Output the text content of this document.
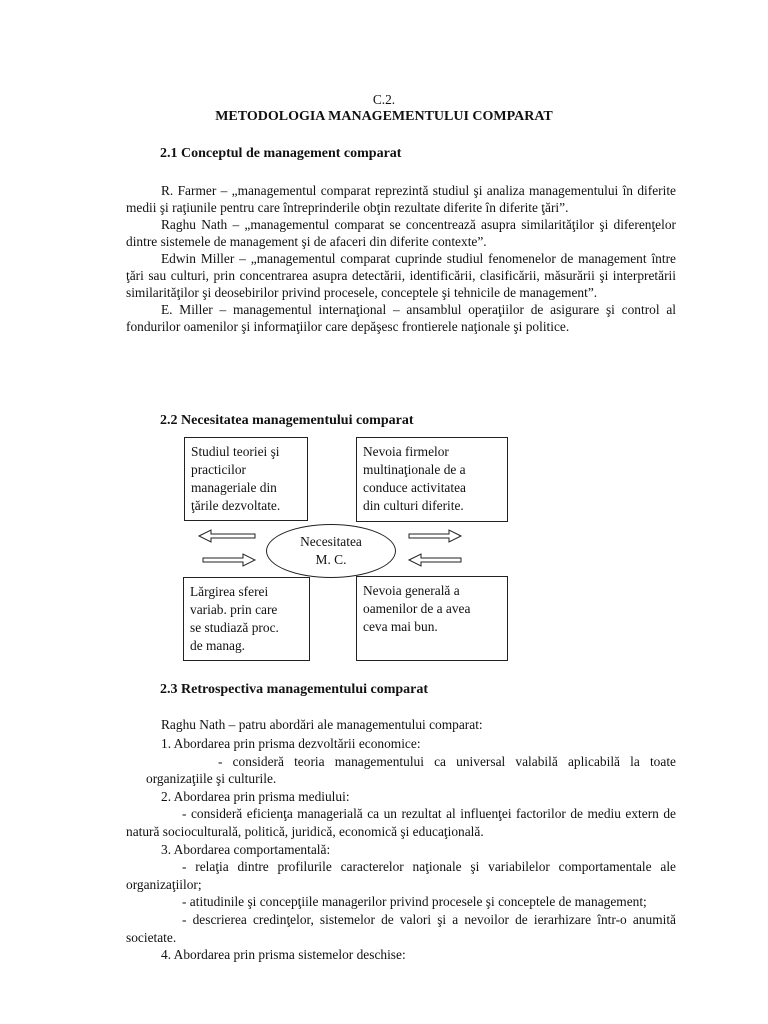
C.2.
METODOLOGIA MANAGEMENTULUI COMPARAT
2.1 Conceptul de management comparat
R. Farmer – „managementul comparat reprezintă studiul şi analiza managementului în diferite medii şi raţiunile pentru care întreprinderile obţin rezultate diferite în diferite ţări”.
Raghu Nath – „managementul comparat se concentrează asupra similarităţilor şi diferenţelor dintre sistemele de management şi de afaceri din diferite contexte”.
Edwin Miller – „managementul comparat cuprinde studiul fenomenelor de management între ţări sau culturi, prin concentrarea asupra detectării, identificării, clasificării, măsurării şi interpretării similarităţilor şi deosebirilor privind procesele, conceptele şi tehnicile de management”.
E. Miller – managementul internaţional – ansamblul operaţiilor de asigurare şi control al fondurilor oamenilor şi informaţiilor care depăşesc frontierele naţionale şi politice.
2.2 Necesitatea managementului comparat
Studiul teoriei şi
practicilor
manageriale din
ţările dezvoltate.
Nevoia firmelor
multinaţionale de a
conduce activitatea
din culturi diferite.
Lărgirea sferei
variab. prin care
se studiază proc.
de manag.
Nevoia generală a
oamenilor de a avea
ceva mai bun.
Necesitatea
M. C.
2.3 Retrospectiva managementului comparat
Raghu Nath – patru abordări ale managementului comparat:
1. Abordarea prin prisma dezvoltării economice:
- consideră teoria managementului ca universal valabilă aplicabilă la toate organizaţiile şi culturile.
2. Abordarea prin prisma mediului:
- consideră eficienţa managerială ca un rezultat al influenţei factorilor de mediu extern de natură socioculturală, politică, juridică, economică şi educaţională.
3. Abordarea comportamentală:
- relaţia dintre profilurile caracterelor naţionale şi variabilelor comportamentale ale organizaţiilor;
- atitudinile şi concepţiile managerilor privind procesele şi conceptele de management;
- descrierea credinţelor, sistemelor de valori şi a nevoilor de ierarhizare într-o anumită societate.
4. Abordarea prin prisma sistemelor deschise:
